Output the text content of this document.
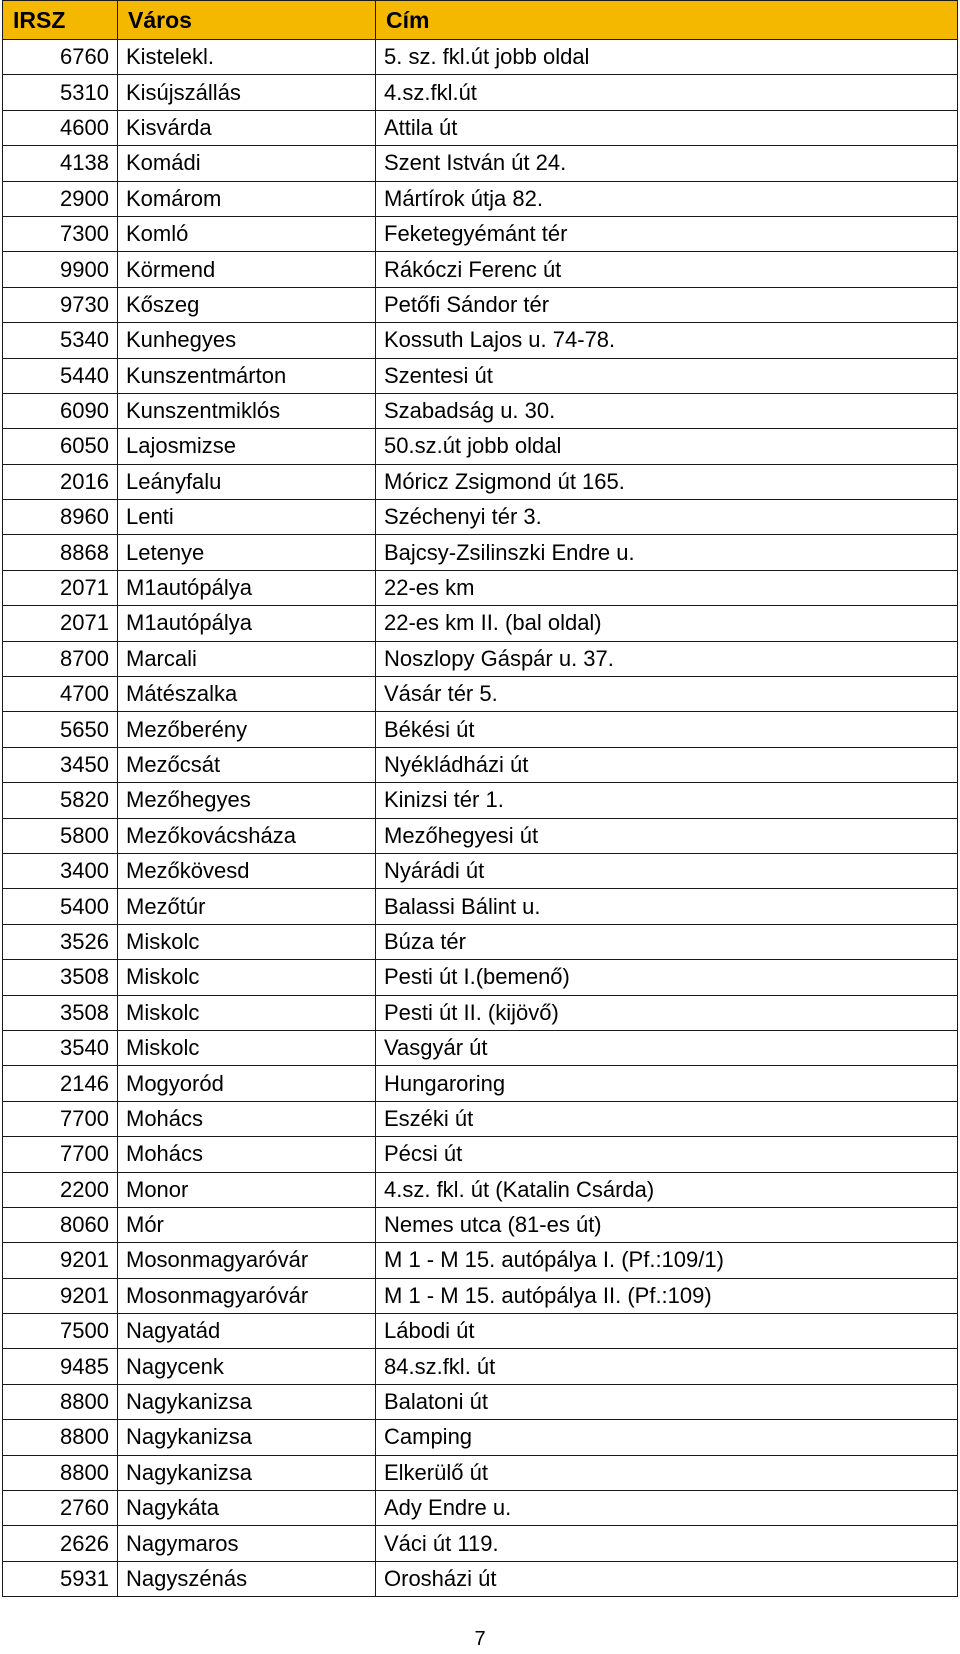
IRSZ	Város	Cím
6760	Kistelekl.	5. sz. fkl.út jobb oldal
5310	Kisújszállás	4.sz.fkl.út
4600	Kisvárda	Attila út
4138	Komádi	Szent István út 24.
2900	Komárom	Mártírok útja 82.
7300	Komló	Feketegyémánt tér
9900	Körmend	Rákóczi Ferenc út
9730	Kőszeg	Petőfi Sándor tér
5340	Kunhegyes	Kossuth Lajos u. 74-78.
5440	Kunszentmárton	Szentesi út
6090	Kunszentmiklós	Szabadság u. 30.
6050	Lajosmizse	50.sz.út jobb oldal
2016	Leányfalu	Móricz Zsigmond út 165.
8960	Lenti	Széchenyi tér 3.
8868	Letenye	Bajcsy-Zsilinszki Endre u.
2071	M1autópálya	22-es km
2071	M1autópálya	22-es km II. (bal oldal)
8700	Marcali	Noszlopy Gáspár u. 37.
4700	Mátészalka	Vásár tér 5.
5650	Mezőberény	Békési út
3450	Mezőcsát	Nyékládházi út
5820	Mezőhegyes	Kinizsi tér 1.
5800	Mezőkovácsháza	Mezőhegyesi út
3400	Mezőkövesd	Nyárádi út
5400	Mezőtúr	Balassi Bálint u.
3526	Miskolc	Búza tér
3508	Miskolc	Pesti út I.(bemenő)
3508	Miskolc	Pesti út II. (kijövő)
3540	Miskolc	Vasgyár út
2146	Mogyoród	Hungaroring
7700	Mohács	Eszéki út
7700	Mohács	Pécsi út
2200	Monor	4.sz. fkl. út (Katalin Csárda)
8060	Mór	Nemes utca (81-es út)
9201	Mosonmagyaróvár	M 1 - M 15. autópálya I. (Pf.:109/1)
9201	Mosonmagyaróvár	M 1 - M 15. autópálya II. (Pf.:109)
7500	Nagyatád	Lábodi út
9485	Nagycenk	84.sz.fkl. út
8800	Nagykanizsa	Balatoni út
8800	Nagykanizsa	Camping
8800	Nagykanizsa	Elkerülő út
2760	Nagykáta	Ady Endre u.
2626	Nagymaros	Váci út 119.
5931	Nagyszénás	Orosházi út
7
